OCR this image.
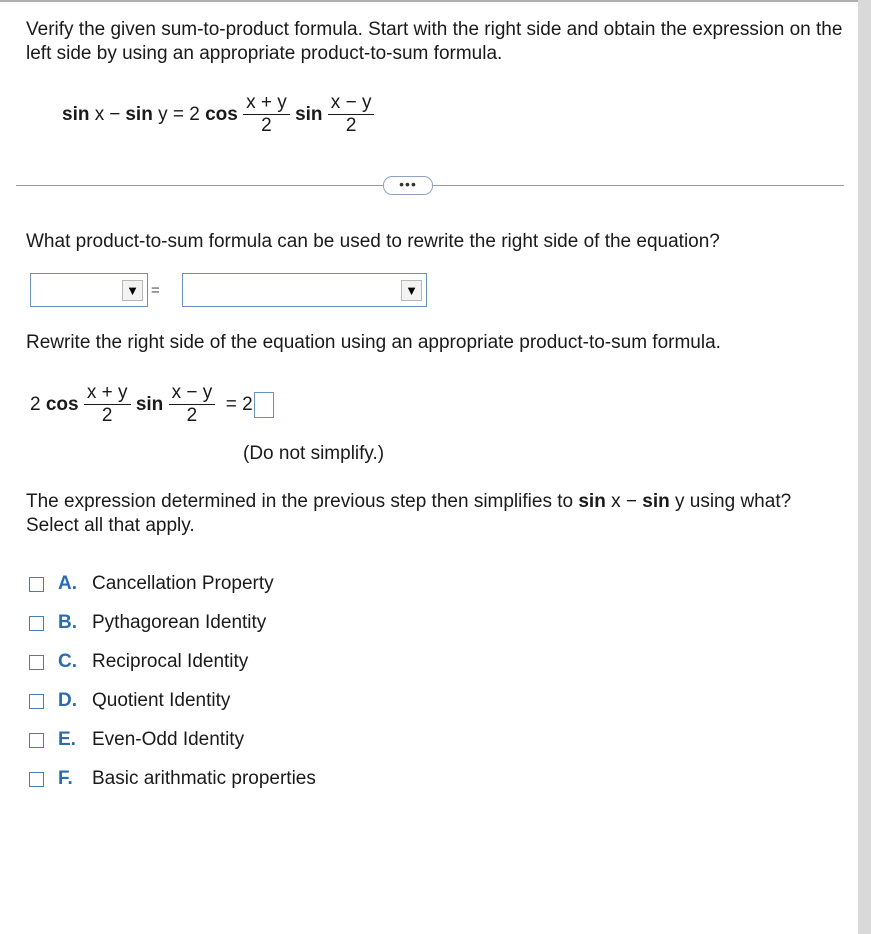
Verify the given sum-to-product formula. Start with the right side and obtain the expression on the left side by using an appropriate product-to-sum formula.
sin
x − sin
y
= 2
cos
$\frac{x + y}{2}$
sin
$\frac{x - y}{2}$
•••
What product-to-sum formula can be used to rewrite the right side of the equation?
▼ =	▼
Rewrite the right side of the equation using an appropriate product-to-sum formula.
2
cos
$\frac{x + y}{2}$
sin
$\frac{x - y}{2}$
= 2
(Do not simplify.)
The expression determined in the previous step then simplifies to sin x − sin y using what? Select all that apply.
A. Cancellation Property
B. Pythagorean Identity
C. Reciprocal Identity
D. Quotient Identity
E. Even-Odd Identity
F.	Basic arithmatic properties
